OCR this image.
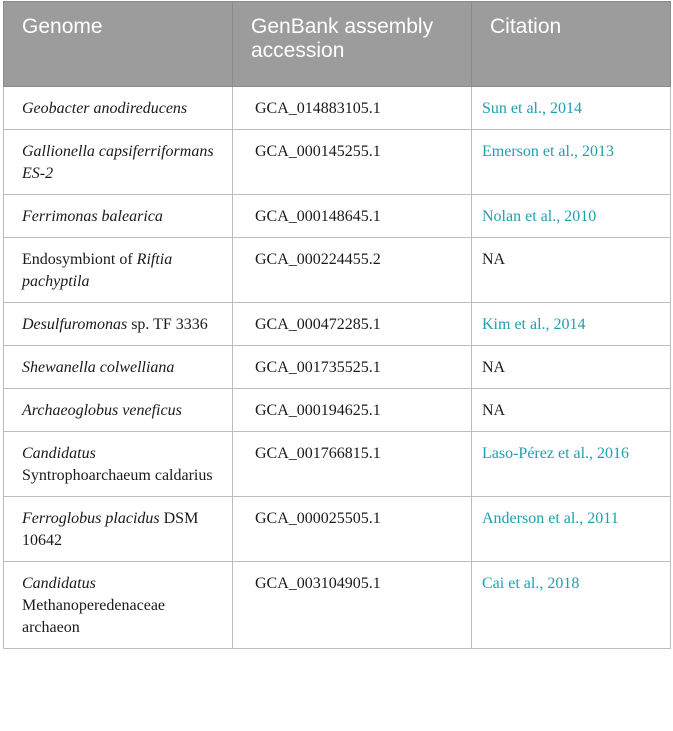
Genome	GenBank assembly accession	Citation
Geobacter anodireducens	GCA_014883105.1	Sun et al., 2014
Gallionella capsiferriformans ES-2	GCA_000145255.1	Emerson et al., 2013
Ferrimonas balearica	GCA_000148645.1	Nolan et al., 2010
Endosymbiont of Riftia pachyptila	GCA_000224455.2	NA
Desulfuromonas sp. TF 3336	GCA_000472285.1	Kim et al., 2014
Shewanella colwelliana	GCA_001735525.1	NA
Archaeoglobus veneficus	GCA_000194625.1	NA
Candidatus Syntrophoarchaeum caldarius	GCA_001766815.1	Laso-Pérez et al., 2016
Ferroglobus placidus DSM 10642	GCA_000025505.1	Anderson et al., 2011
Candidatus Methanoperedenaceae archaeon	GCA_003104905.1	Cai et al., 2018
